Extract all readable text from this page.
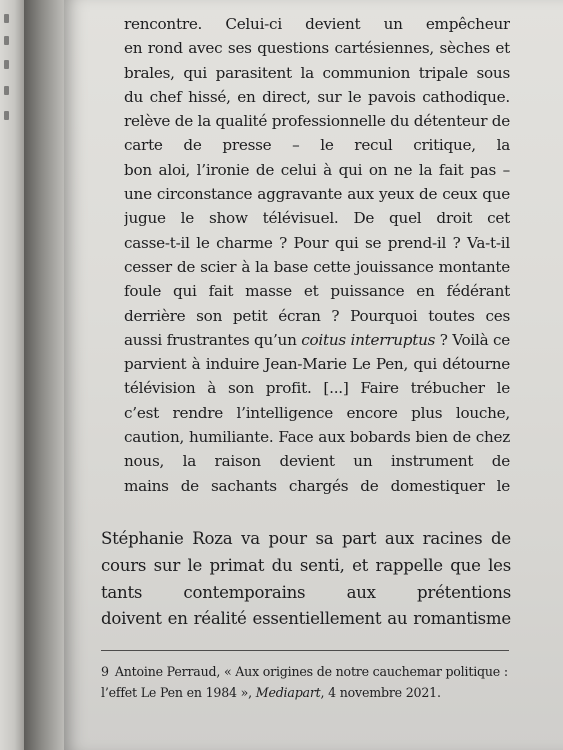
rencontre. Celui-ci devient un empêcheur
en rond avec ses questions cartésiennes, sèches et
brales, qui parasitent la communion tripale sous
du chef hissé, en direct, sur le pavois cathodique.
relève de la qualité professionnelle du détenteur de
carte de presse – le recul critique, la
bon aloi, l’ironie de celui à qui on ne la fait pas –
une circonstance aggravante aux yeux de ceux que
jugue le show télévisuel. De quel droit cet
casse-t-il le charme ? Pour qui se prend-il ? Va-t-il
cesser de scier à la base cette jouissance montante
foule qui fait masse et puissance en fédérant
derrière son petit écran ? Pourquoi toutes ces
aussi frustrantes qu’un coitus interruptus ? Voilà ce
parvient à induire Jean-Marie Le Pen, qui détourne
télévision à son profit. [...] Faire trébucher le
c’est rendre l’intelligence encore plus louche,
caution, humiliante. Face aux bobards bien de chez
nous, la raison devient un instrument de
mains de sachants chargés de domestiquer le
Stéphanie Roza va pour sa part aux racines de
cours sur le primat du senti, et rappelle que les
tants contemporains aux prétentions
doivent en réalité essentiellement au romantisme
9 Antoine Perraud, « Aux origines de notre cauchemar politique :
l’effet Le Pen en 1984 », Mediapart, 4 novembre 2021.
